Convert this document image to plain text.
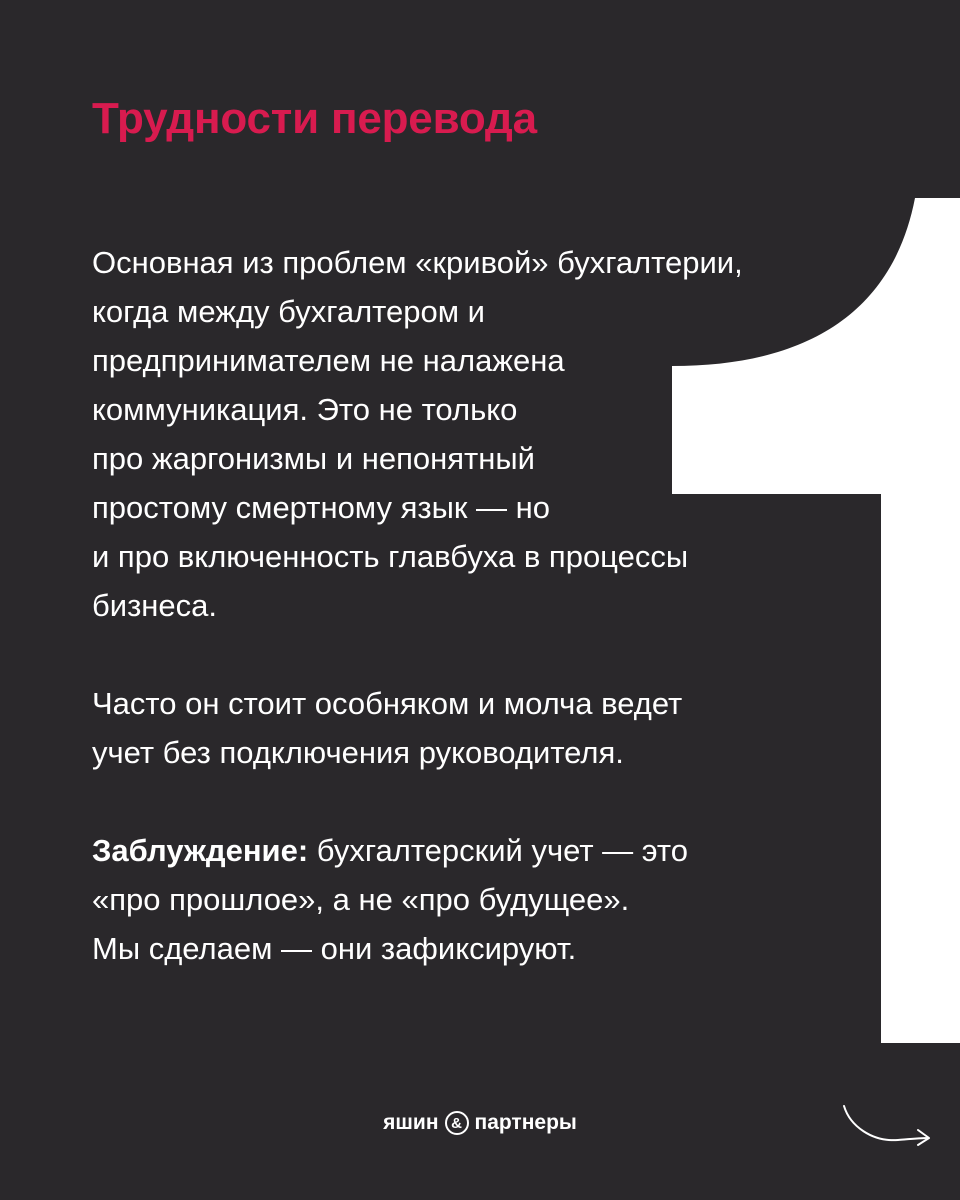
Трудности перевода

Основная из проблем «кривой» бухгалтерии,
когда между бухгалтером и
предпринимателем не налажена
коммуникация. Это не только
про жаргонизмы и непонятный
простому смертному язык — но
и про включенность главбуха в процессы
бизнеса.

Часто он стоит особняком и молча ведет
учет без подключения руководителя.

Заблуждение: бухгалтерский учет — это
«про прошлое», а не «про будущее».
Мы сделаем — они зафиксируют.

яшин & партнеры
